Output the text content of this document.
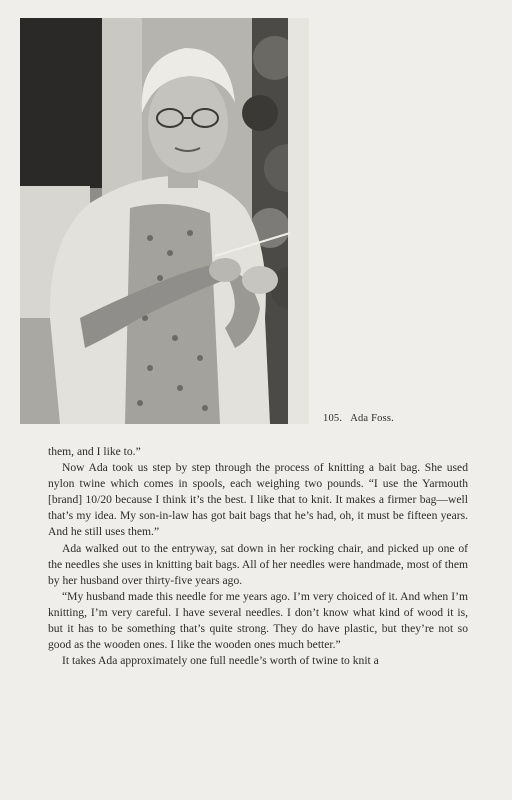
105. Ada Foss.

them, and I like to.”

Now Ada took us step by step through the process of knitting a bait bag. She used nylon twine which comes in spools, each weighing two pounds. “I use the Yarmouth [brand] 10/20 because I think it’s the best. I like that to knit. It makes a firmer bag—well that’s my idea. My son-in-law has got bait bags that he’s had, oh, it must be fifteen years. And he still uses them.”

Ada walked out to the entryway, sat down in her rocking chair, and picked up one of the needles she uses in knitting bait bags. All of her needles were handmade, most of them by her husband over thirty-five years ago.

“My husband made this needle for me years ago. I’m very choiced of it. And when I’m knitting, I’m very careful. I have several needles. I don’t know what kind of wood it is, but it has to be something that’s quite strong. They do have plastic, but they’re not so good as the wooden ones. I like the wooden ones much better.”

It takes Ada approximately one full needle’s worth of twine to knit a
